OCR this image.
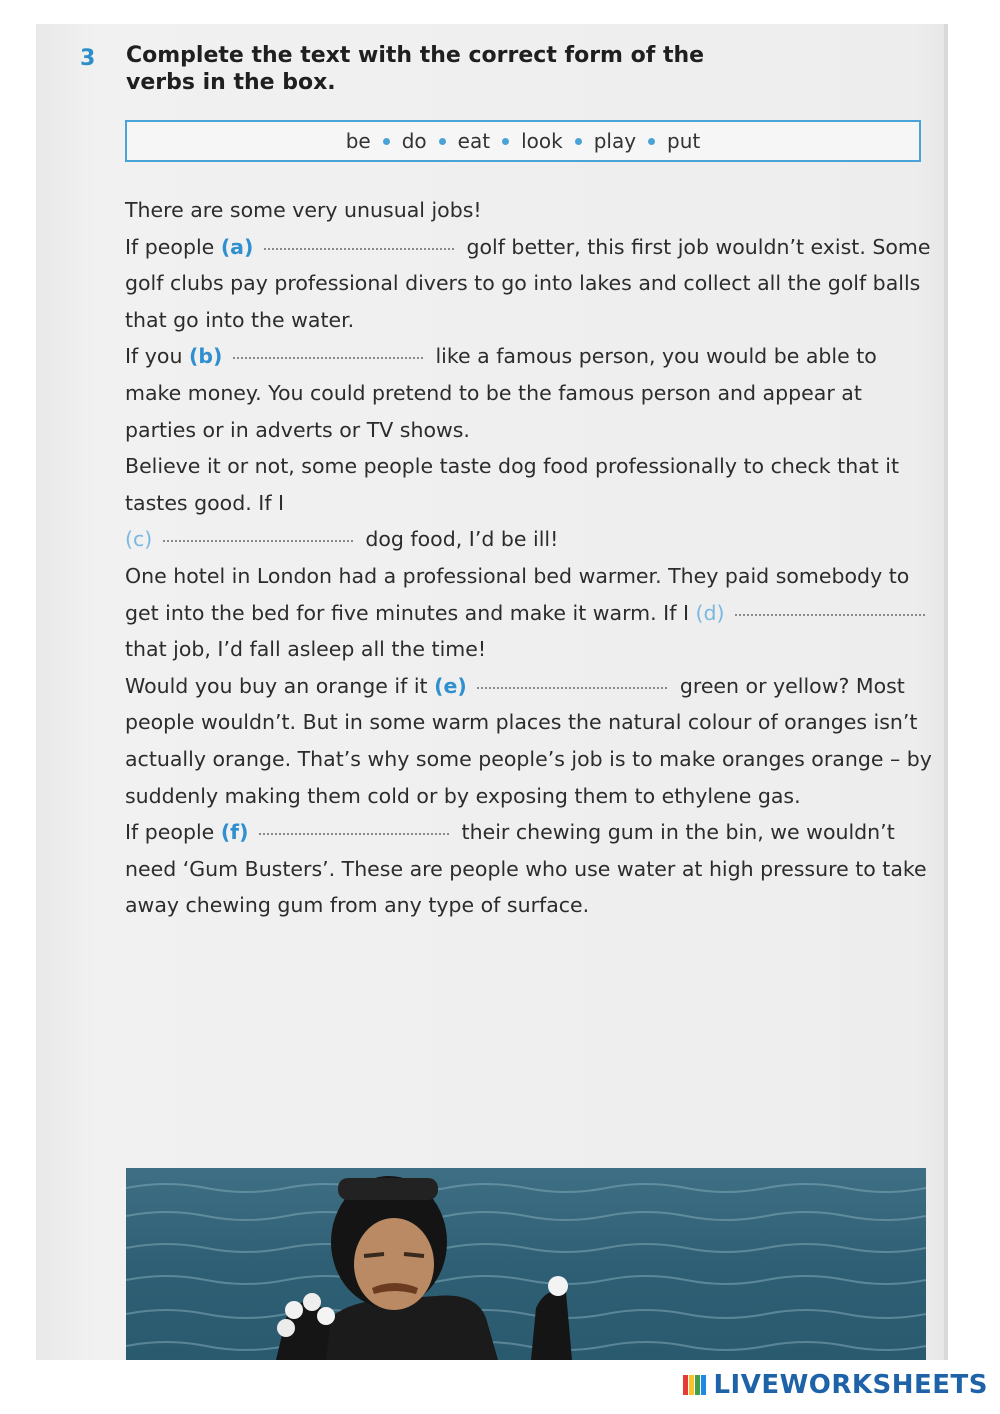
3 Complete the text with the correct form of the
verbs in the box.
be do eat look play put

There are some very unusual jobs!

If people (a)	golf better, this first job wouldn’t exist. Some golf clubs pay professional divers to go into lakes and collect all the golf balls that go into the water.

If you (b)	like a famous person, you would be able to make money. You could pretend to be the famous person and appear at parties or in adverts or TV shows.

Believe it or not, some people taste dog food professionally to check that it tastes good. If I
(c)	dog food, I’d be ill!

One hotel in London had a professional bed warmer. They paid somebody to get into the bed for five minutes and make it warm. If I (d)  that job, I’d fall asleep all the time!

Would you buy an orange if it (e)	green or yellow? Most people wouldn’t. But in some warm places the natural colour of oranges isn’t actually orange. That’s why some people’s job is to make oranges orange – by suddenly making them cold or by exposing them to ethylene gas.

If people (f)	their chewing gum in the bin, we wouldn’t need ‘Gum Busters’. These are people who use water at high pressure to take away chewing gum from any type of surface.

LIVEWORKSHEETS
